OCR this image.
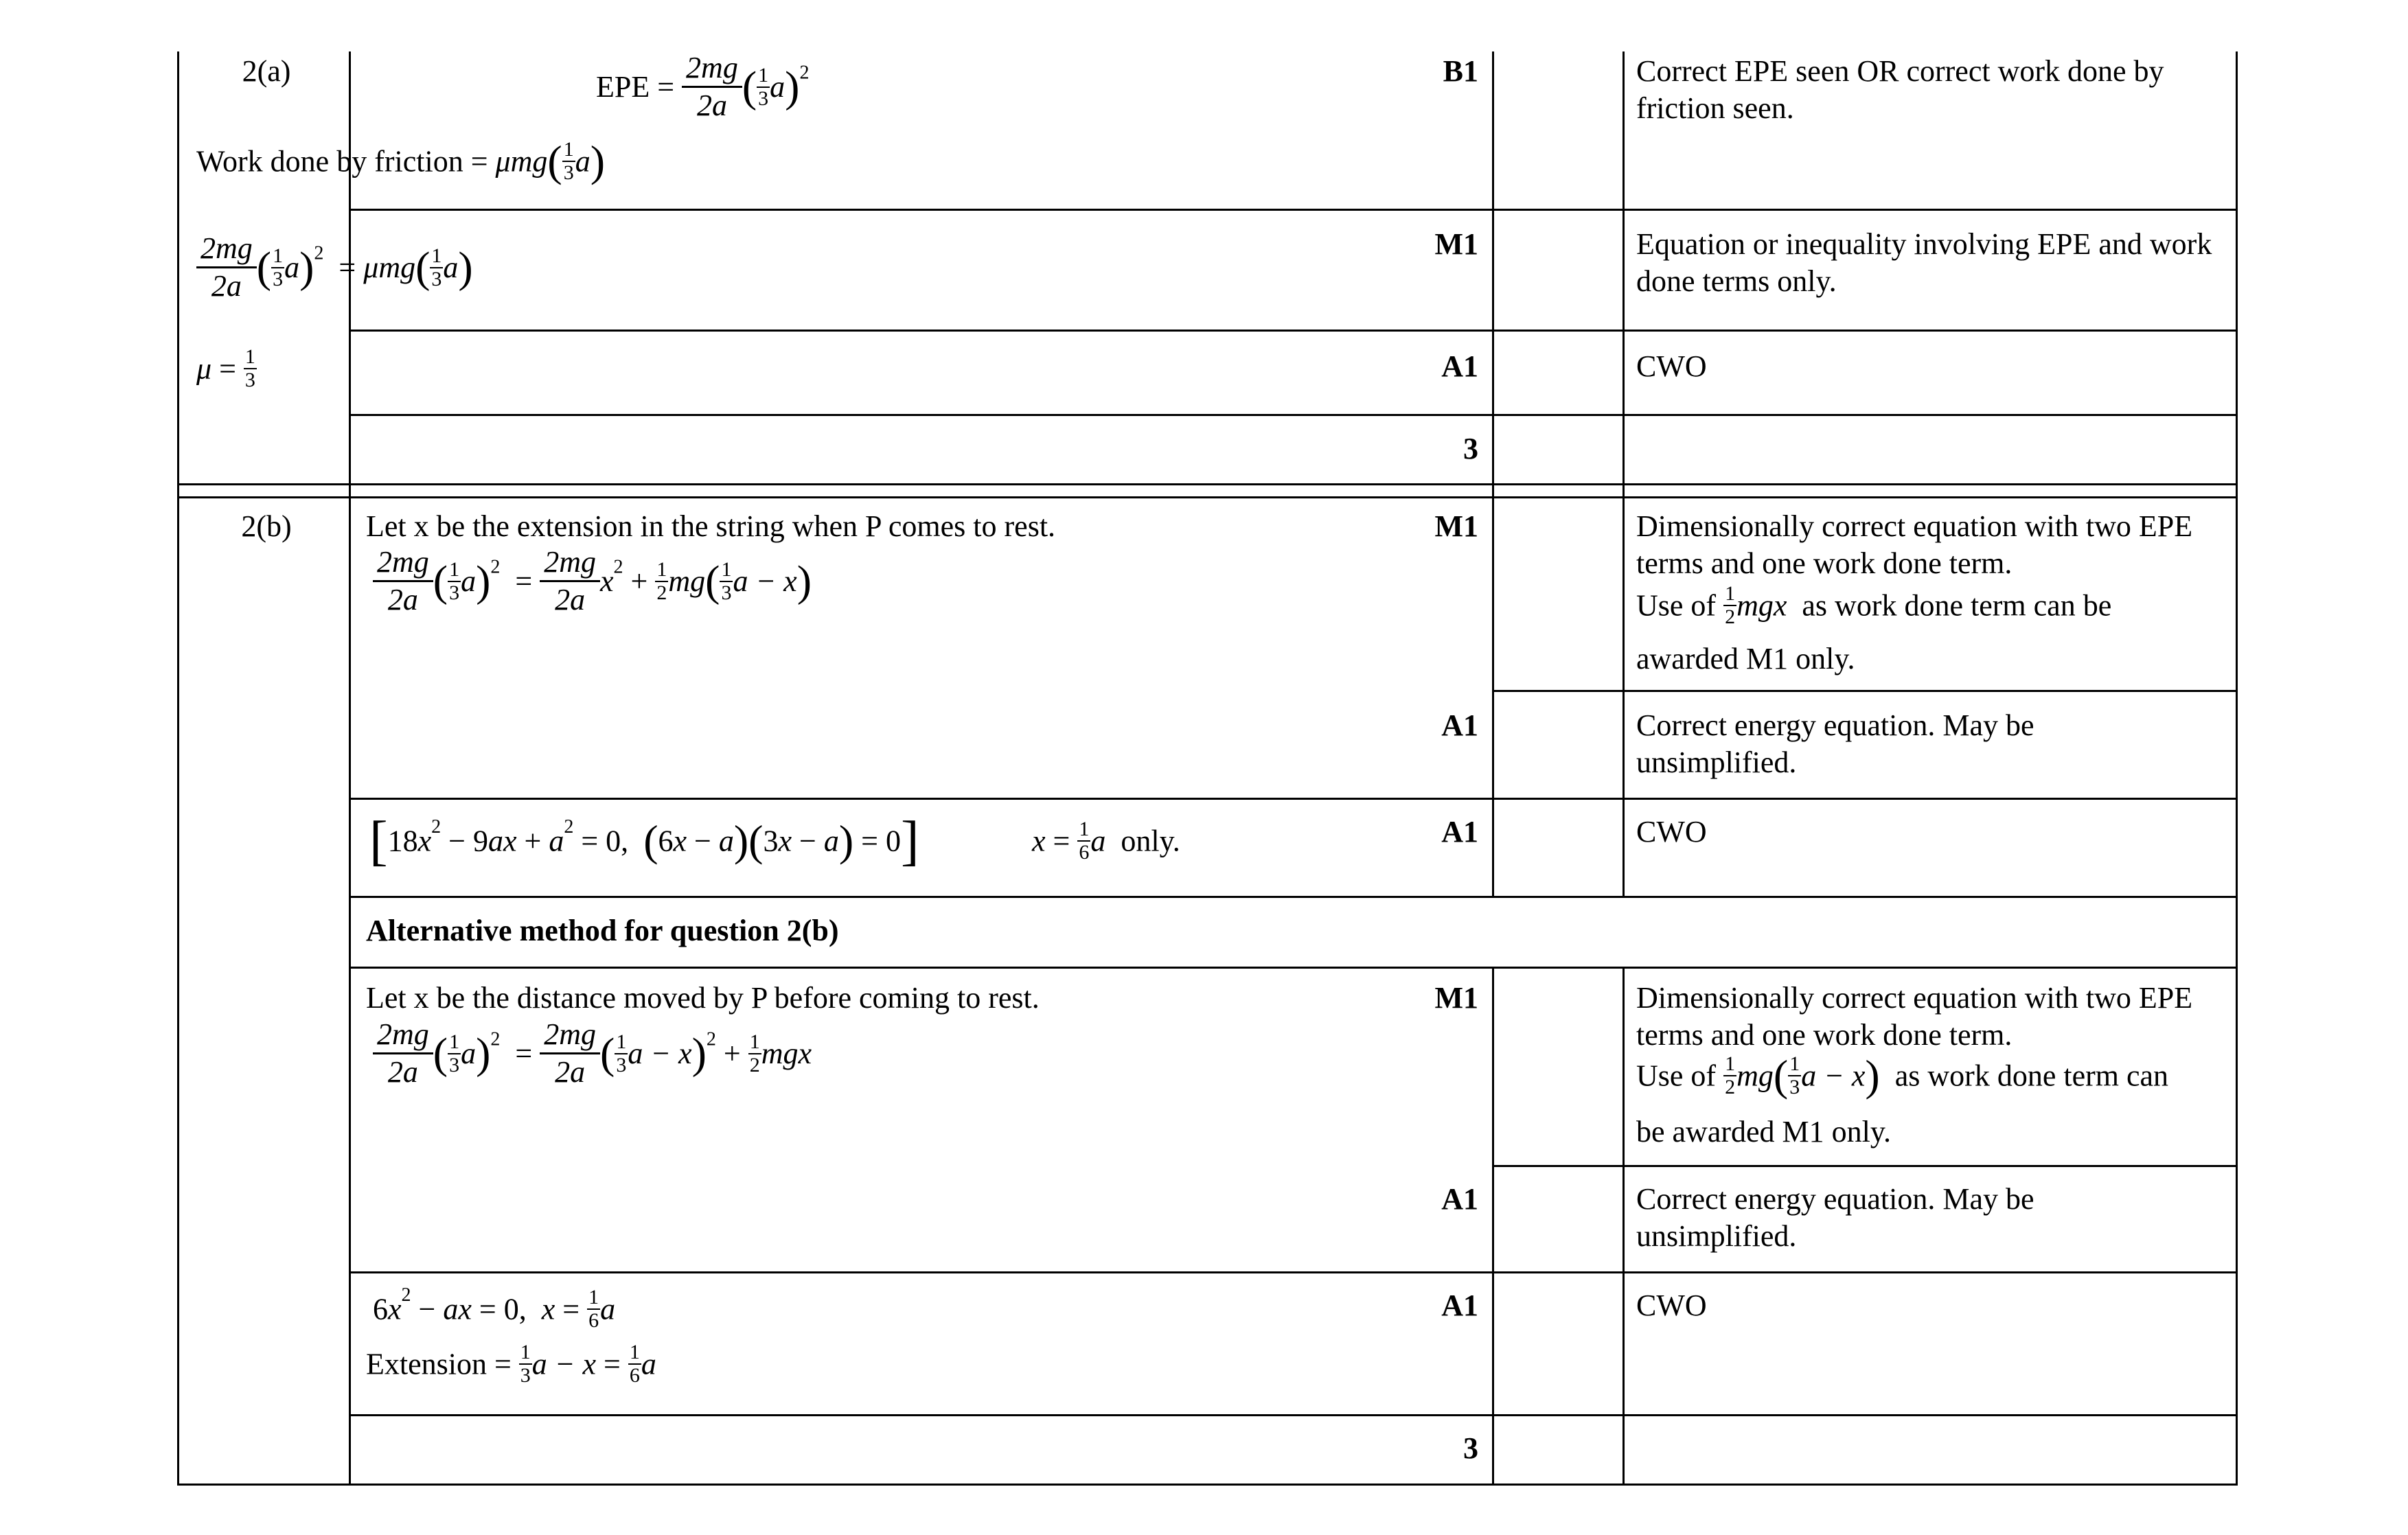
2(a)	EPE = $\frac{2mg}{2a}$ ( $\frac{1}{3} a)^2$
Work done by friction = $\mu mg( \frac{1}{3} a)$
B1	Correct EPE seen OR correct work done by friction seen.
$\frac{2mg}{2a}$ ( $\frac{1}{3} a)^2 = \mu mg( \frac{1}{3} a)$	M1	Equation or inequality involving EPE and work done terms only.
$\mu = \frac{1}{3}$	A1	CWO
3
2(b)	Let x be the extension in the string when P comes to rest.
$\frac{2mg}{2a}$ ( $\frac{1}{3} a)^2 = \frac{2mg}{2a} x^2 + \frac{1}{2} mg( \frac{1}{3}$ a − x)
M1	Dimensionally correct equation with two EPE terms and one work done term.
Use of $\frac{1}{2}$ mgx as work done term can be
awarded M1 only.
A1	Correct energy equation. May be unsimplified.
[$18x^2 - 9ax + a^2 = 0$,  (6x − a)(3x − a) = 0]	$x = \frac{1}{6}$ a only.	A1	CWO
Alternative method for question 2(b)
Let x be the distance moved by P before coming to rest.
$\frac{2mg}{2a}$ ( $\frac{1}{3} a)^2 = \frac{2mg}{2a}$ ( $\frac{1}{3}$ $a - x)^2 + \frac{1}{2}$ mgx
M1	Dimensionally correct equation with two EPE terms and one work done term.
Use of $\frac{1}{2} mg( \frac{1}{3}$ a − x) as work done term can
be awarded M1 only.
A1	Correct energy equation. May be unsimplified.
$6x^2$ − ax = 0,  $x = \frac{1}{6}$ a
Extension = $\frac{1}{3}$ $a - x = \frac{1}{6}$ a
A1	CWO
3
